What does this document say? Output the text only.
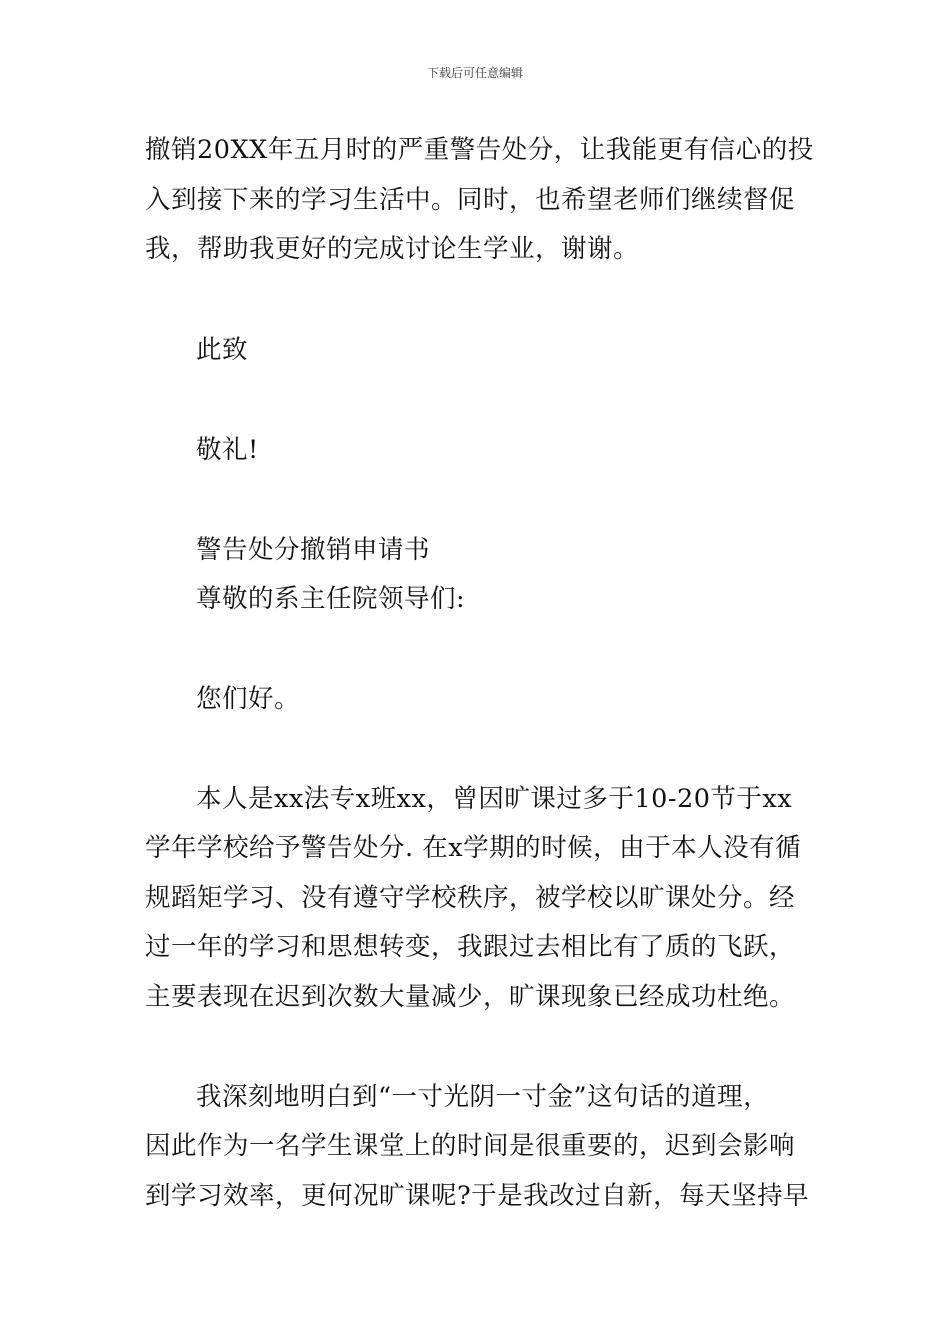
下载后可任意编辑
撤销20XX年五月时的严重警告处分，让我能更有信心的投
入到接下来的学习生活中。同时，也希望老师们继续督促
我，帮助我更好的完成讨论生学业，谢谢。
此致
敬礼!
警告处分撤销申请书
尊敬的系主任院领导们:
您们好。
本人是xx法专x班xx，曾因旷课过多于10-20节于xx
学年学校给予警告处分. 在x学期的时候，由于本人没有循
规蹈矩学习、没有遵守学校秩序，被学校以旷课处分。经
过一年的学习和思想转变，我跟过去相比有了质的飞跃，
主要表现在迟到次数大量减少，旷课现象已经成功杜绝。
我深刻地明白到“一寸光阴一寸金”这句话的道理，
因此作为一名学生课堂上的时间是很重要的，迟到会影响
到学习效率，更何况旷课呢?于是我改过自新，每天坚持早
